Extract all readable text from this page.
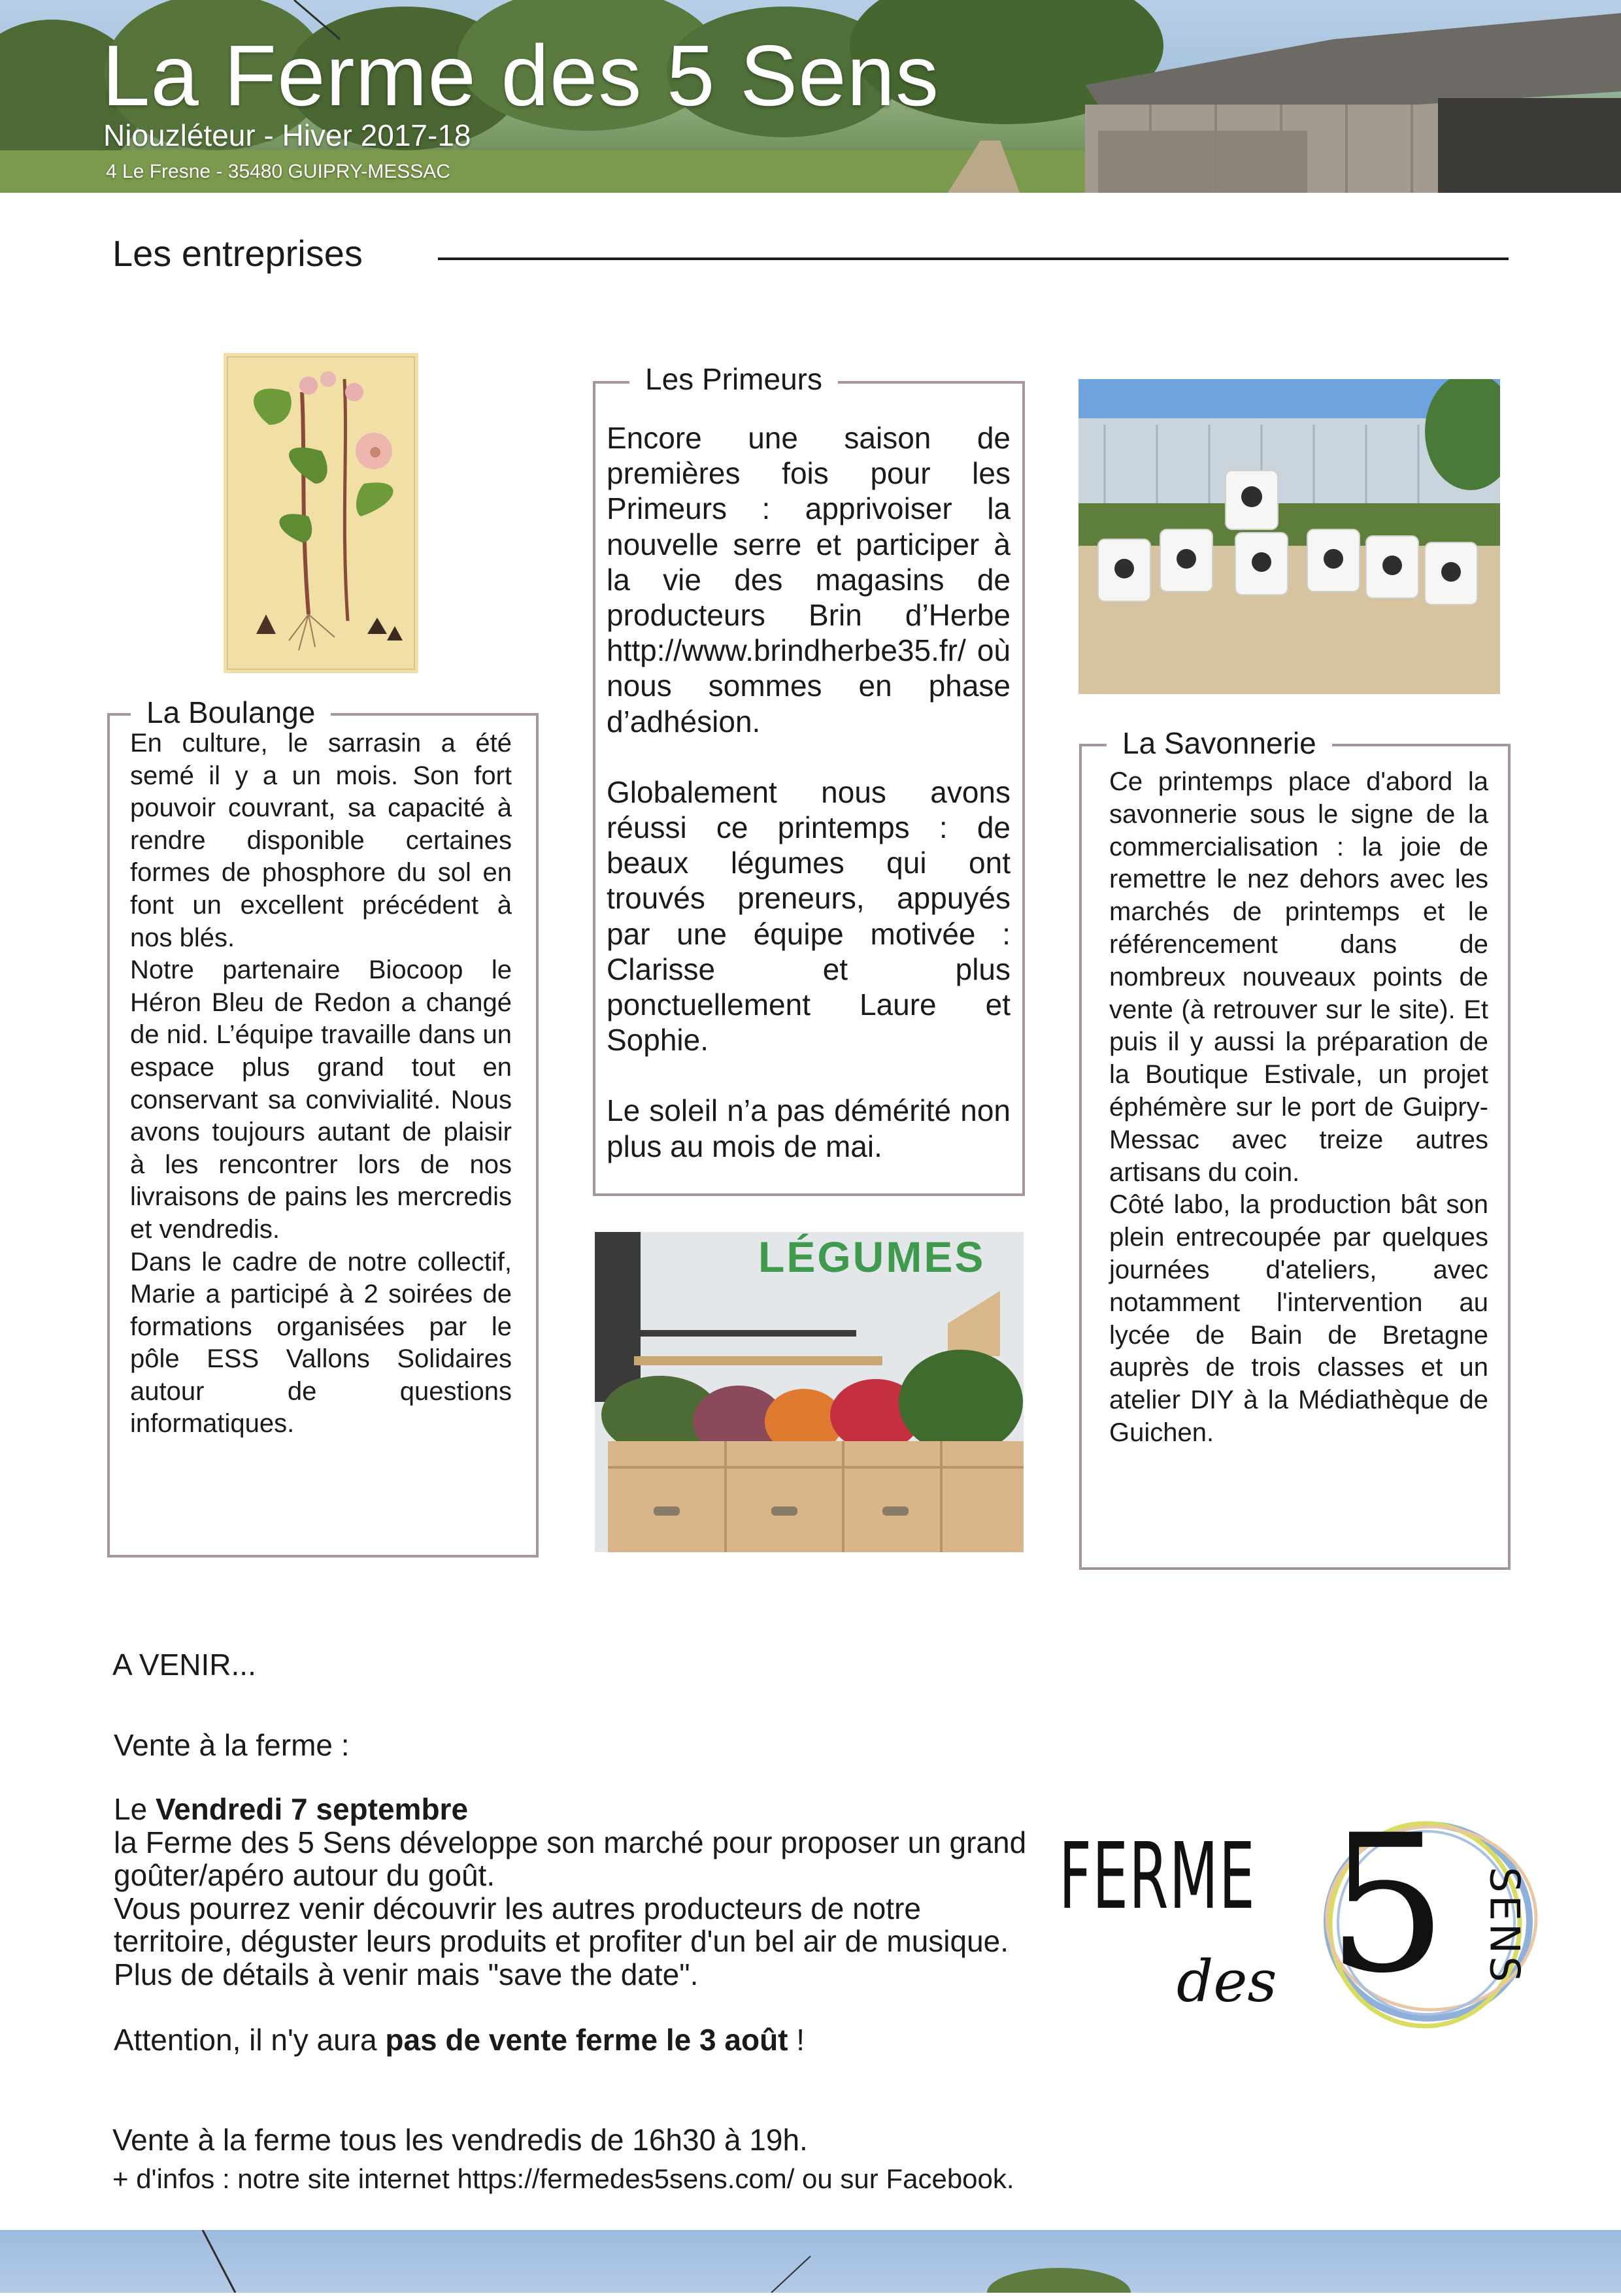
La Ferme des 5 Sens
Niouzléteur - Hiver 2017-18
4 Le Fresne - 35480 GUIPRY-MESSAC
Les entreprises
La Boulange

En culture, le sarrasin a été semé il y a un mois. Son fort pouvoir couvrant, sa capacité à rendre disponible certaines formes de phosphore du sol en font un excellent précédent à nos blés.

Notre partenaire Biocoop le Héron Bleu de Redon a changé de nid. L’équipe travaille dans un espace plus grand tout en conservant sa convivialité. Nous avons toujours autant de plaisir à les rencontrer lors de nos livraisons de pains les mercredis et vendredis.

Dans le cadre de notre collectif, Marie a participé à 2 soirées de formations organisées par le pôle ESS Vallons Solidaires autour de questions informatiques.

Les Primeurs

Encore une saison de premières fois pour les Primeurs : apprivoiser la nouvelle serre et participer à la vie des magasins de producteurs Brin d’Herbe http://www.brindherbe35.fr/ où nous sommes en phase d’adhésion.

Globalement nous avons réussi ce printemps : de beaux légumes qui ont trouvés preneurs, appuyés par une équipe motivée : Clarisse et plus ponctuellement Laure et Sophie.

Le soleil n’a pas démérité non plus au mois de mai.

LÉGUMES
La Savonnerie

Ce printemps place d'abord la savonnerie sous le signe de la commercialisation : la joie de remettre le nez dehors avec les marchés de printemps et le référencement dans de nombreux nouveaux points de vente (à retrouver sur le site). Et puis il y aussi la préparation de la Boutique Estivale, un projet éphémère sur le port de Guipry-Messac avec treize autres artisans du coin.

Côté labo, la production bât son plein entrecoupée par quelques journées d'ateliers, avec notamment l'intervention au lycée de Bain de Bretagne auprès de trois classes et un atelier DIY à la Médiathèque de Guichen.

A VENIR...
Vente à la ferme :

Le Vendredi 7 septembre
la Ferme des 5 Sens développe son marché pour proposer un grand goûter/apéro autour du goût.

Vous pourrez venir découvrir les autres producteurs de notre territoire, déguster leurs produits et profiter d'un bel air de musique. Plus de détails à venir mais "save the date".

Attention, il n'y aura pas de vente ferme le 3 août !

Vente à la ferme tous les vendredis de 16h30 à 19h.
+ d'infos : notre site internet https://fermedes5sens.com/ ou sur Facebook.
FERME
des 5 SENS
